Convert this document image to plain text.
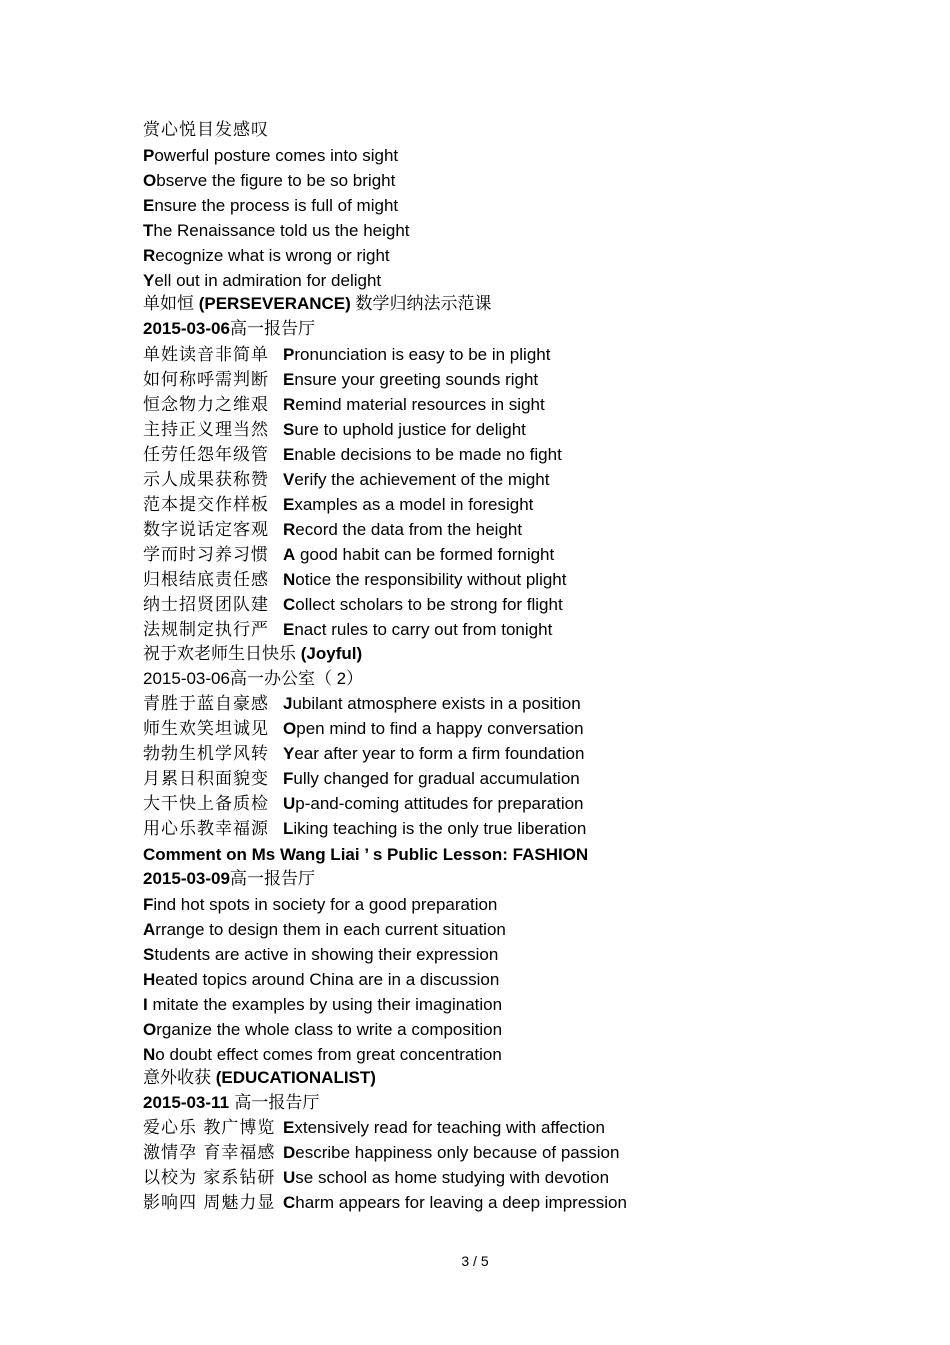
赏心悦目发感叹
Powerful posture comes into sight
Observe the figure to be so bright
Ensure the process is full of might
The Renaissance told us the height
Recognize what is wrong or right
Yell out in admiration for delight
单如恒 (PERSEVERANCE) 数学归纳法示范课
2015-03-06高一报告厅
单姓读音非简单 Pronunciation is easy to be in plight
如何称呼需判断 Ensure your greeting sounds right
恒念物力之维艰 Remind material resources in sight
主持正义理当然 Sure to uphold justice for delight
任劳任怨年级管 Enable decisions to be made no fight
示人成果获称赞 Verify the achievement of the might
范本提交作样板 Examples as a model in foresight
数字说话定客观 Record the data from the height
学而时习养习惯 A good habit can be formed fornight
归根结底责任感 Notice the responsibility without plight
纳士招贤团队建 Collect scholars to be strong for flight
法规制定执行严 Enact rules to carry out from tonight
祝于欢老师生日快乐 (Joyful)
2015-03-06高一办公室（ 2）
青胜于蓝自豪感 Jubilant atmosphere exists in a position
师生欢笑坦诚见 Open mind to find a happy conversation
勃勃生机学风转 Year after year to form a firm foundation
月累日积面貌变 Fully changed for gradual accumulation
大干快上备质检 Up-and-coming attitudes for preparation
用心乐教幸福源 Liking teaching is the only true liberation
Comment on Ms Wang Liai ’ s Public Lesson: FASHION
2015-03-09高一报告厅
Find hot spots in society for a good preparation
Arrange to design them in each current situation
Students are active in showing their expression
Heated topics around China are in a discussion
I mitate the examples by using their imagination
Organize the whole class to write a composition
No doubt effect comes from great concentration
意外收获 (EDUCATIONALIST)
2015-03-11 高一报告厅
爱心乐 教广博览 Extensively read for teaching with affection
激情孕 育幸福感 Describe happiness only because of passion
以校为 家系钻研 Use school as home studying with devotion
影响四 周魅力显 Charm appears for leaving a deep impression
3 / 5
